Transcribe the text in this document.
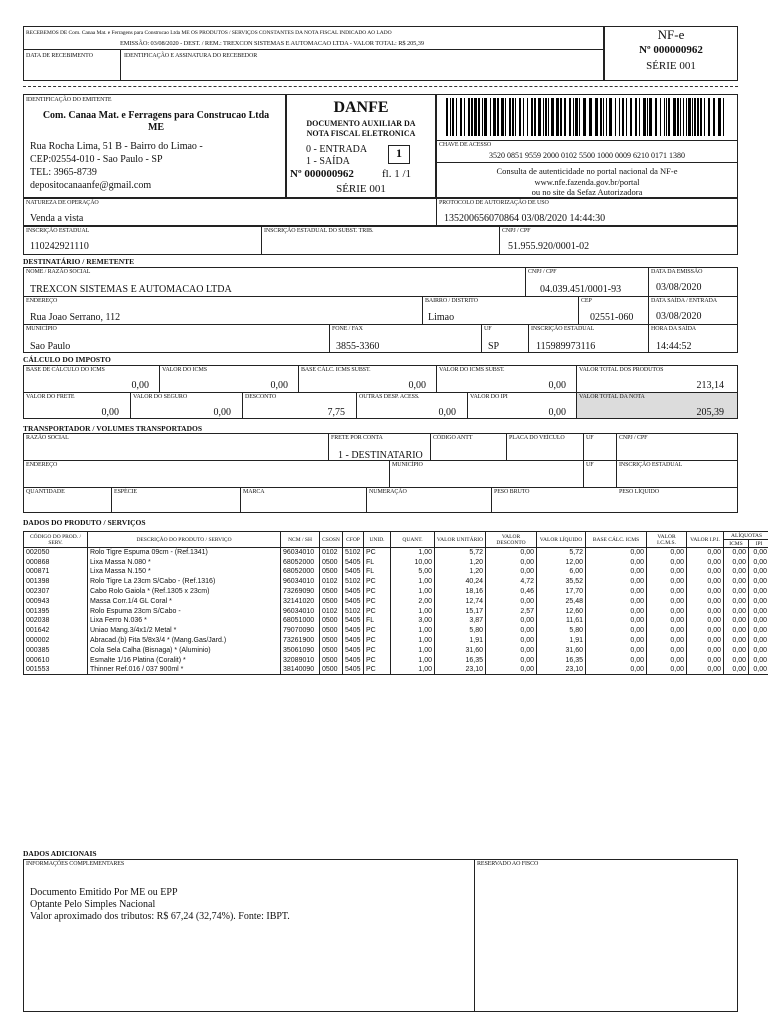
RECEBEMOS DE Com. Canaa Mat. e Ferragens para Construcao Ltda ME OS PRODUTOS / SERVIÇOS CONSTANTES DA NOTA FISCAL INDICADO AO LADO
EMISSÃO: 03/08/2020 - DEST. / REM.: TREXCON SISTEMAS E AUTOMACAO LTDA - VALOR TOTAL: R$ 205,39
DATA DE RECEBIMENTO	IDENTIFICAÇÃO E ASSINATURA DO RECEBEDOR
NF-e
Nº 000000962
SÉRIE 001
IDENTIFICAÇÃO DO EMITENTE
Com. Canaa Mat. e Ferragens para Construcao Ltda ME
Rua Rocha Lima, 51 B - Bairro do Limao -
CEP:02554-010 - Sao Paulo - SP
TEL: 3965-8739
depositocanaanfe@gmail.com
DANFE
DOCUMENTO AUXILIAR DA
NOTA FISCAL ELETRONICA
0 - ENTRADA
1 - SAÍDA
1
Nº 000000962	fl. 1 /1
SÉRIE 001
CHAVE DE ACESSO
3520 0851 9559 2000 0102 5500 1000 0009 6210 0171 1380
Consulta de autenticidade no portal nacional da NF-e
www.nfe.fazenda.gov.br/portal
ou no site da Sefaz Autorizadora
NATUREZA DE OPERAÇÃO
Venda a vista
PROTOCOLO DE AUTORIZAÇÃO DE USO
135200656070864 03/08/2020 14:44:30
INSCRIÇÃO ESTADUAL
110242921110
INSCRIÇÃO ESTADUAL DO SUBST. TRIB.	CNPJ / CPF
51.955.920/0001-02
DESTINATÁRIO / REMETENTE
NOME / RAZÃO SOCIAL
TREXCON SISTEMAS E AUTOMACAO LTDA
CNPJ / CPF
04.039.451/0001-93
DATA DA EMISSÃO
03/08/2020
ENDEREÇO
Rua Joao Serrano, 112
BAIRRO / DISTRITO
Limao
CEP
02551-060
DATA SAÍDA / ENTRADA
03/08/2020
MUNICÍPIO
Sao Paulo
FONE / FAX
3855-3360
UF
SP
INSCRIÇÃO ESTADUAL
115989973116
HORA DA SAÍDA
14:44:52
CÁLCULO DO IMPOSTO
BASE DE CÁLCULO DO ICMS
0,00
VALOR DO ICMS
0,00
BASE CÁLC. ICMS SUBST.
0,00
VALOR DO ICMS SUBST.
0,00
VALOR TOTAL DOS PRODUTOS
213,14
VALOR DO FRETE
0,00
VALOR DO SEGURO
0,00
DESCONTO
7,75
OUTRAS DESP. ACESS.
0,00
VALOR DO IPI
0,00
VALOR TOTAL DA NOTA
205,39
TRANSPORTADOR / VOLUMES TRANSPORTADOS
RAZÃO SOCIAL	FRETE POR CONTA
1 - DESTINATARIO
CÓDIGO ANTT	PLACA DO VEÍCULO	UF	CNPJ / CPF
ENDEREÇO	MUNICÍPIO	UF	INSCRIÇÃO ESTADUAL
QUANTIDADE	ESPÉCIE	MARCA	NUMERAÇÃO	PESO BRUTO	PESO LÍQUIDO
DADOS DO PRODUTO / SERVIÇOS
CÓDIGO DO PROD. / SERV.	DESCRIÇÃO DO PRODUTO / SERVIÇO	NCM / SH	CSOSN	CFOP	UNID.	QUANT.	VALOR UNITÁRIO	VALOR DESCONTO	VALOR LÍQUIDO	BASE CÁLC. ICMS	VALOR I.C.M.S.	VALOR I.P.I.	ALÍQUOTAS	
													ICMS	IPI
002050	Rolo Tigre Espuma 09cm - (Ref.1341)	96034010	0102	5102	PC	1,00	5,72	0,00	5,72	0,00	0,00	0,00	0,00	0,00
000868	Lixa Massa N.080 *	68052000	0500	5405	FL	10,00	1,20	0,00	12,00	0,00	0,00	0,00	0,00	0,00
000871	Lixa Massa N.150 *	68052000	0500	5405	FL	5,00	1,20	0,00	6,00	0,00	0,00	0,00	0,00	0,00
001398	Rolo Tigre La 23cm S/Cabo - (Ref.1316)	96034010	0102	5102	PC	1,00	40,24	4,72	35,52	0,00	0,00	0,00	0,00	0,00
002307	Cabo Rolo Gaiola * (Ref.1305 x 23cm)	73269090	0500	5405	PC	1,00	18,16	0,46	17,70	0,00	0,00	0,00	0,00	0,00
000943	Massa Corr.1/4 GL Coral *	32141020	0500	5405	PC	2,00	12,74	0,00	25,48	0,00	0,00	0,00	0,00	0,00
001395	Rolo Espuma 23cm S/Cabo -	96034010	0102	5102	PC	1,00	15,17	2,57	12,60	0,00	0,00	0,00	0,00	0,00
002038	Lixa Ferro N.036 *	68051000	0500	5405	FL	3,00	3,87	0,00	11,61	0,00	0,00	0,00	0,00	0,00
001642	Uniao Mang.3/4x1/2 Metal *	79070090	0500	5405	PC	1,00	5,80	0,00	5,80	0,00	0,00	0,00	0,00	0,00
000002	Abracad.(b) Fita 5/8x3/4 * (Mang.Gas/Jard.)	73261900	0500	5405	PC	1,00	1,91	0,00	1,91	0,00	0,00	0,00	0,00	0,00
000385	Cola Sela Calha (Bisnaga) * (Aluminio)	35061090	0500	5405	PC	1,00	31,60	0,00	31,60	0,00	0,00	0,00	0,00	0,00
000610	Esmalte 1/16 Platina (Coralit) *	32089010	0500	5405	PC	1,00	16,35	0,00	16,35	0,00	0,00	0,00	0,00	0,00
001553	Thinner Ref.016 / 037 900ml *	38140090	0500	5405	PC	1,00	23,10	0,00	23,10	0,00	0,00	0,00	0,00	0,00
DADOS ADICIONAIS
INFORMAÇÕES COMPLEMENTARES	RESERVADO AO FISCO
Documento Emitido Por ME ou EPP
Optante Pelo Simples Nacional
Valor aproximado dos tributos: R$ 67,24 (32,74%). Fonte: IBPT.
